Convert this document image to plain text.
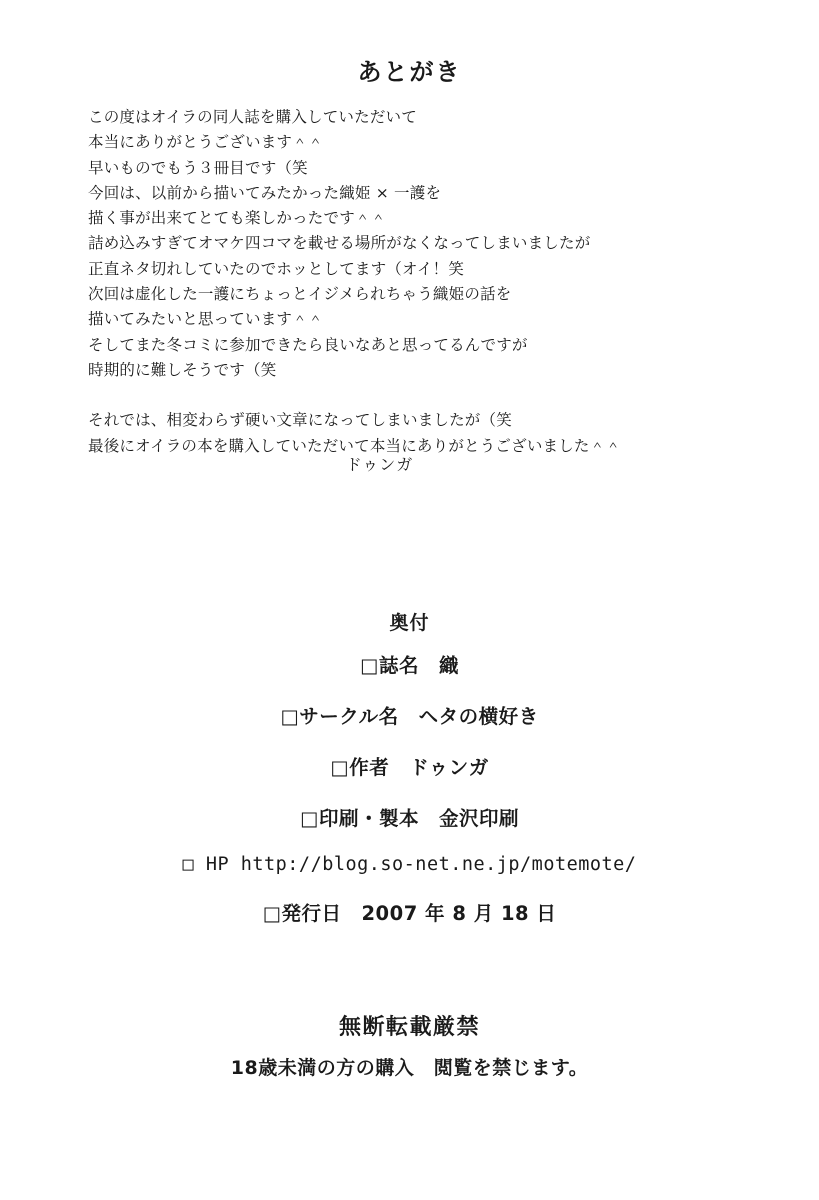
あとがき
この度はオイラの同人誌を購入していただいて
本当にありがとうございます＾＾
早いものでもう３冊目です（笑
今回は、以前から描いてみたかった織姫 × 一護を
描く事が出来てとても楽しかったです＾＾
詰め込みすぎてオマケ四コマを載せる場所がなくなってしまいましたが
正直ネタ切れしていたのでホッとしてます（オイ！笑
次回は虚化した一護にちょっとイジメられちゃう織姫の話を
描いてみたいと思っています＾＾
そしてまた冬コミに参加できたら良いなあと思ってるんですが
時期的に難しそうです（笑
それでは、相変わらず硬い文章になってしまいましたが（笑
最後にオイラの本を購入していただいて本当にありがとうございました＾＾
ドゥンガ
奥付
□誌名　織
□サークル名　ヘタの横好き
□作者　ドゥンガ
□印刷・製本　金沢印刷
□ HP http://blog.so-net.ne.jp/motemote/
□発行日　2007 年 8 月 18 日
無断転載厳禁
18歳未満の方の購入　閲覧を禁じます。
